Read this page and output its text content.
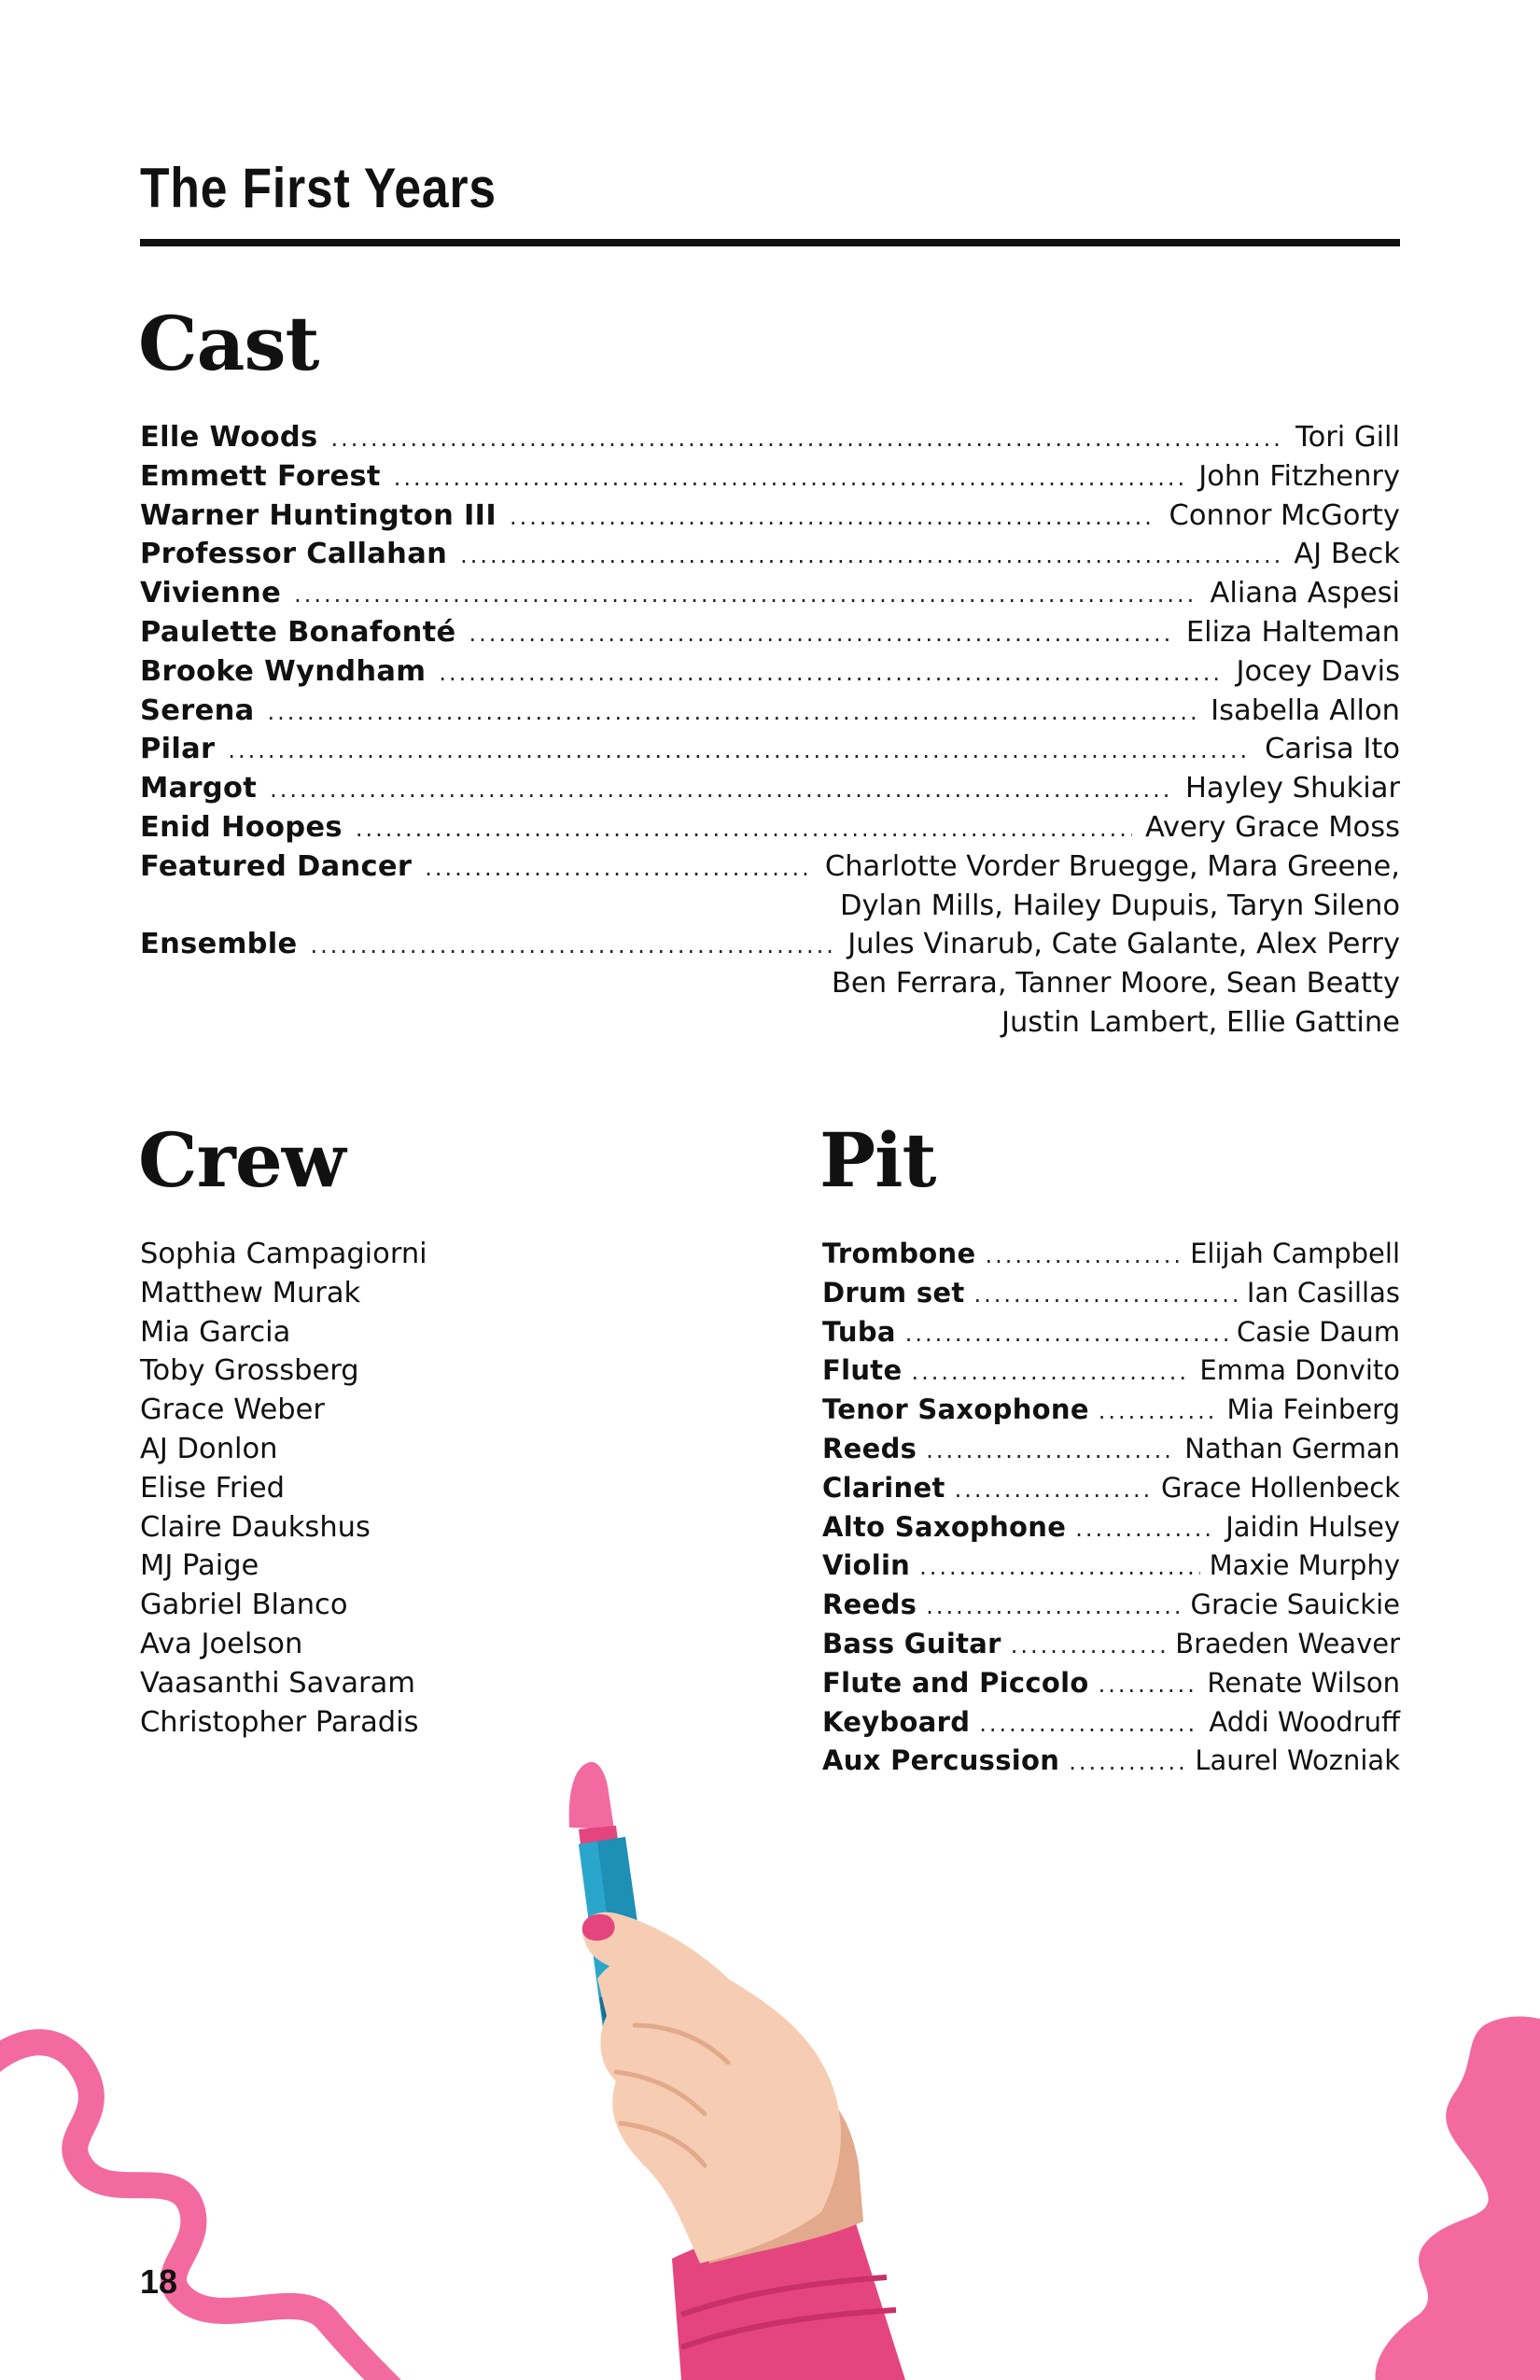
The First Years
Cast
Elle Woods .....	Tori Gill
Emmett Forest .....	John Fitzhenry
Warner Huntington III .....	Connor McGorty
Professor Callahan .....	AJ Beck
Vivienne .....	Aliana Aspesi
Paulette Bonafonté .....	Eliza Halteman
Brooke Wyndham .....	Jocey Davis
Serena .....	Isabella Allon
Pilar .....	Carisa Ito
Margot .....	Hayley Shukiar
Enid Hoopes .....	Avery Grace Moss
Featured Dancer .....	Charlotte Vorder Bruegge, Mara Greene,
Dylan Mills, Hailey Dupuis, Taryn Sileno
Ensemble .....	Jules Vinarub, Cate Galante, Alex Perry
Ben Ferrara, Tanner Moore, Sean Beatty
Justin Lambert, Ellie Gattine
Crew
Sophia Campagiorni
Matthew Murak
Mia Garcia
Toby Grossberg
Grace Weber
AJ Donlon
Elise Fried
Claire Daukshus
MJ Paige
Gabriel Blanco
Ava Joelson
Vaasanthi Savaram
Christopher Paradis
Pit
Trombone .....	Elijah Campbell
Drum set .....	Ian Casillas
Tuba .....	Casie Daum
Flute .....	Emma Donvito
Tenor Saxophone .....	Mia Feinberg
Reeds .....	Nathan German
Clarinet .....	Grace Hollenbeck
Alto Saxophone .....	Jaidin Hulsey
Violin .....	Maxie Murphy
Reeds .....	Gracie Sauickie
Bass Guitar .....	Braeden Weaver
Flute and Piccolo .....	Renate Wilson
Keyboard .....	Addi Woodruff
Aux Percussion .....	Laurel Wozniak

18
